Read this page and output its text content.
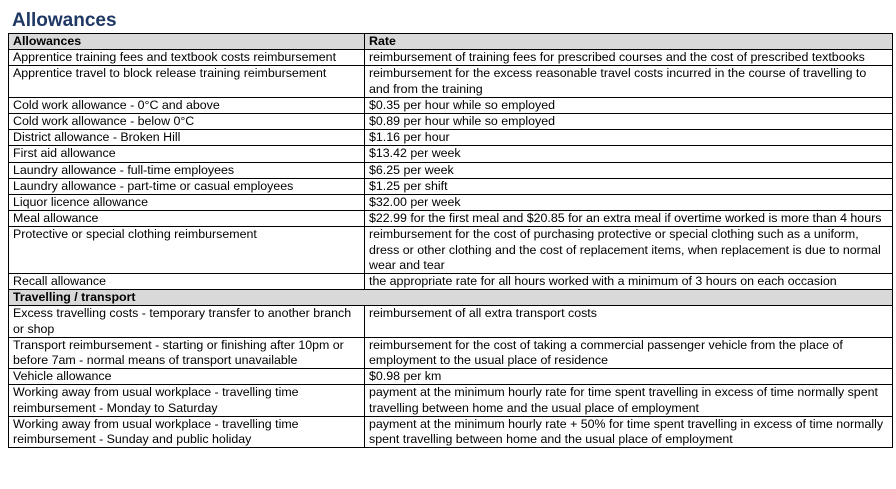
Allowances
Allowances	Rate
Apprentice training fees and textbook costs reimbursement	reimbursement of training fees for prescribed courses and the cost of prescribed textbooks
Apprentice travel to block release training reimbursement	reimbursement for the excess reasonable travel costs incurred in the course of travelling to and from the training
Cold work allowance - 0°C and above	$0.35 per hour while so employed
Cold work allowance - below 0°C	$0.89 per hour while so employed
District allowance - Broken Hill	$1.16 per hour
First aid allowance	$13.42 per week
Laundry allowance - full-time employees	$6.25 per week
Laundry allowance - part-time or casual employees	$1.25 per shift
Liquor licence allowance	$32.00 per week
Meal allowance	$22.99 for the first meal and $20.85 for an extra meal if overtime worked is more than 4 hours
Protective or special clothing reimbursement	reimbursement for the cost of purchasing protective or special clothing such as a uniform, dress or other clothing and the cost of replacement items, when replacement is due to normal wear and tear
Recall allowance	the appropriate rate for all hours worked with a minimum of 3 hours on each occasion
Travelling / transport	
Excess travelling costs - temporary transfer to another branch or shop	reimbursement of all extra transport costs
Transport reimbursement - starting or finishing after 10pm or before 7am - normal means of transport unavailable	reimbursement for the cost of taking a commercial passenger vehicle from the place of employment to the usual place of residence
Vehicle allowance	$0.98 per km
Working away from usual workplace - travelling time reimbursement - Monday to Saturday	payment at the minimum hourly rate for time spent travelling in excess of time normally spent travelling between home and the usual place of employment
Working away from usual workplace - travelling time reimbursement - Sunday and public holiday	payment at the minimum hourly rate + 50% for time spent travelling in excess of time normally spent travelling between home and the usual place of employment
